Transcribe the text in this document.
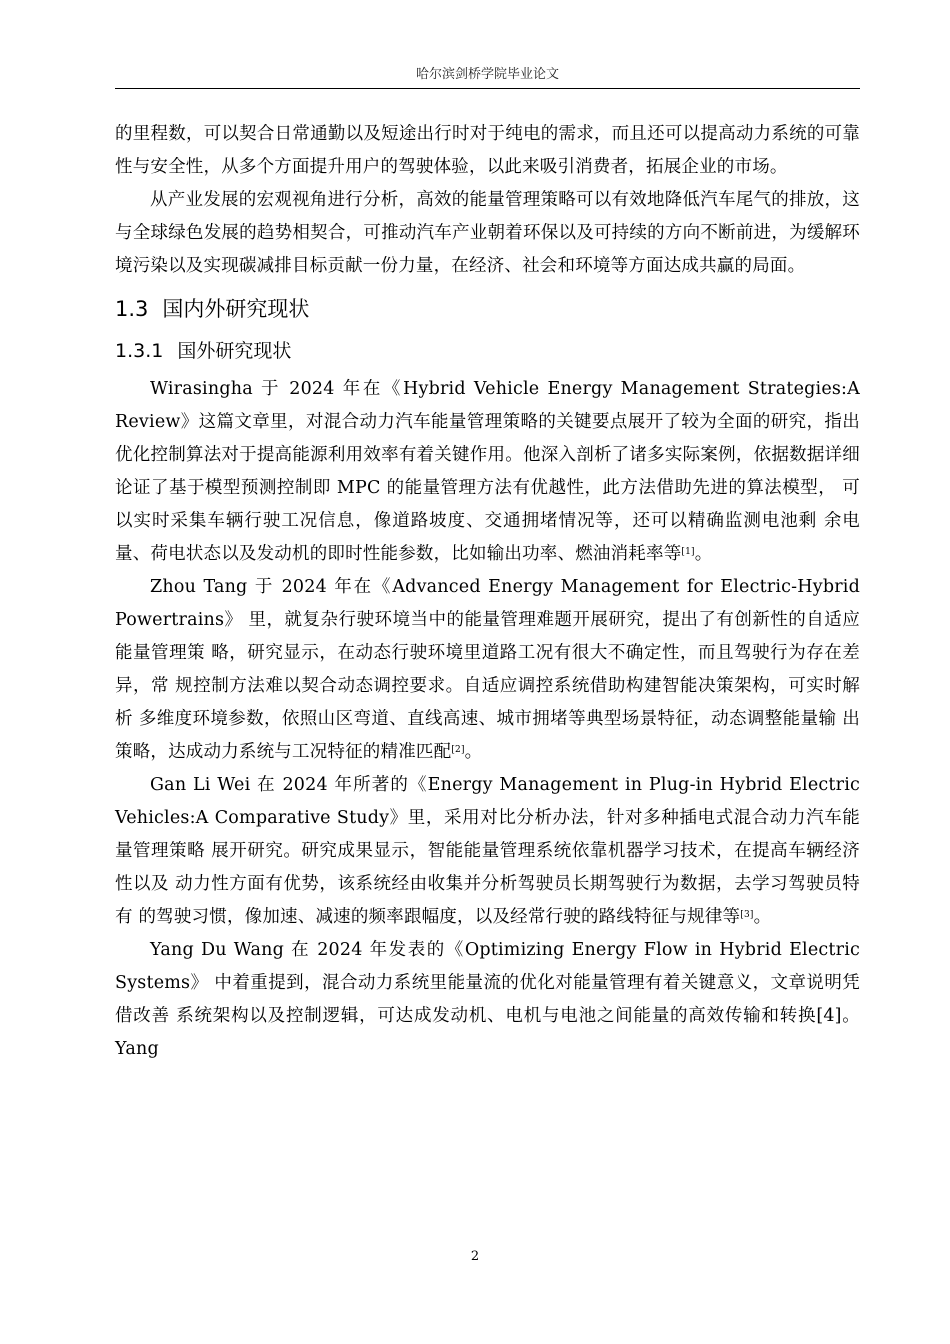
哈尔滨剑桥学院毕业论文

的里程数，可以契合日常通勤以及短途出行时对于纯电的需求，而且还可以提高动力系统的可靠性与安全性，从多个方面提升用户的驾驶体验，以此来吸引消费者，拓展企业的市场。

从产业发展的宏观视角进行分析，高效的能量管理策略可以有效地降低汽车尾气的排放，这与全球绿色发展的趋势相契合，可推动汽车产业朝着环保以及可持续的方向不断前进，为缓解环境污染以及实现碳减排目标贡献一份力量，在经济、社会和环境等方面达成共赢的局面。

1.3 国内外研究现状
1.3.1 国外研究现状

Wirasingha 于 2024 年在《Hybrid Vehicle Energy Management Strategies:A Review》这篇文章里，对混合动力汽车能量管理策略的关键要点展开了较为全面的研究，指出优化控制算法对于提高能源利用效率有着关键作用。他深入剖析了诸多实际案例，依据数据详细论证了基于模型预测控制即 MPC 的能量管理方法有优越性，此方法借助先进的算法模型， 可以实时采集车辆行驶工况信息，像道路坡度、交通拥堵情况等，还可以精确监测电池剩 余电量、荷电状态以及发动机的即时性能参数，比如输出功率、燃油消耗率等[1]。

Zhou Tang 于 2024 年在《Advanced Energy Management for Electric-Hybrid Powertrains》 里，就复杂行驶环境当中的能量管理难题开展研究，提出了有创新性的自适应能量管理策 略，研究显示，在动态行驶环境里道路工况有很大不确定性，而且驾驶行为存在差异，常 规控制方法难以契合动态调控要求。自适应调控系统借助构建智能决策架构，可实时解析 多维度环境参数，依照山区弯道、直线高速、城市拥堵等典型场景特征，动态调整能量输 出策略，达成动力系统与工况特征的精准匹配[2]。

Gan Li Wei 在 2024 年所著的《Energy Management in Plug-in Hybrid Electric Vehicles:A Comparative Study》里，采用对比分析办法，针对多种插电式混合动力汽车能量管理策略 展开研究。研究成果显示，智能能量管理系统依靠机器学习技术，在提高车辆经济性以及 动力性方面有优势，该系统经由收集并分析驾驶员长期驾驶行为数据，去学习驾驶员特有 的驾驶习惯，像加速、减速的频率跟幅度，以及经常行驶的路线特征与规律等[3]。

Yang Du Wang 在 2024 年发表的《Optimizing Energy Flow in Hybrid Electric Systems》 中着重提到，混合动力系统里能量流的优化对能量管理有着关键意义，文章说明凭借改善 系统架构以及控制逻辑，可达成发动机、电机与电池之间能量的高效传输和转换[4]。Yang

2
